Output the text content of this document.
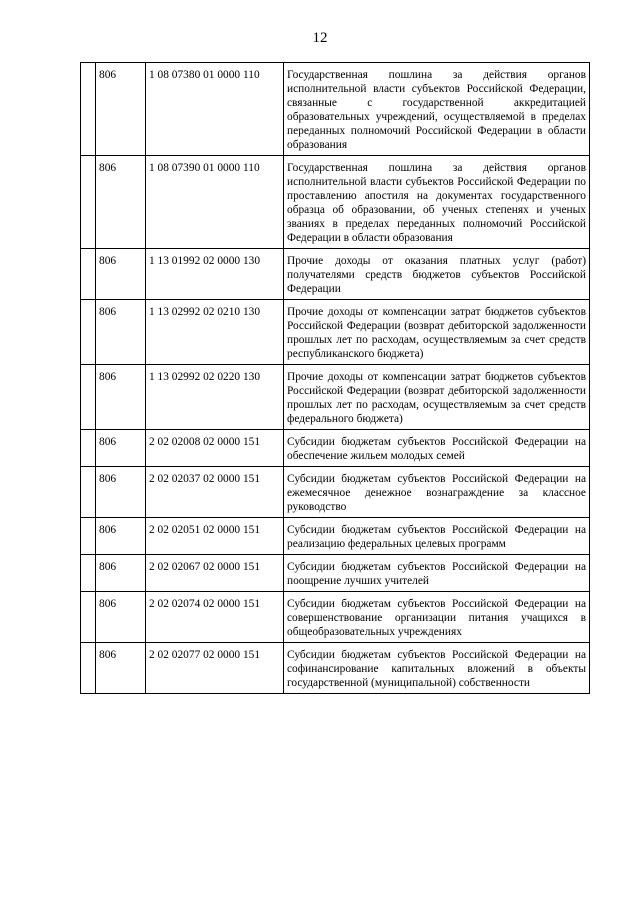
12
	806	1 08 07380 01 0000 110	Государственная пошлина за действия органов исполнительной власти субъектов Российской Федерации, связанные с государственной аккредитацией образовательных учреждений, осуществляемой в пределах переданных полномочий Российской Федерации в области образования
	806	1 08 07390 01 0000 110	Государственная пошлина за действия органов исполнительной власти субъектов Российской Федерации по проставлению апостиля на документах государственного образца об образовании, об ученых степенях и ученых званиях в пределах переданных полномочий Российской Федерации в области образования
	806	1 13 01992 02 0000 130	Прочие доходы от оказания платных услуг (работ) получателями средств бюджетов субъектов Российской Федерации
	806	1 13 02992 02 0210 130	Прочие доходы от компенсации затрат бюджетов субъектов Российской Федерации (возврат дебиторской задолженности прошлых лет по расходам, осуществляемым за счет средств республиканского бюджета)
	806	1 13 02992 02 0220 130	Прочие доходы от компенсации затрат бюджетов субъектов Российской Федерации (возврат дебиторской задолженности прошлых лет по расходам, осуществляемым за счет средств федерального бюджета)
	806	2 02 02008 02 0000 151	Субсидии бюджетам субъектов Российской Федерации на обеспечение жильем молодых семей
	806	2 02 02037 02 0000 151	Субсидии бюджетам субъектов Российской Федерации на ежемесячное денежное вознаграждение за классное руководство
	806	2 02 02051 02 0000 151	Субсидии бюджетам субъектов Российской Федерации на реализацию федеральных целевых программ
	806	2 02 02067 02 0000 151	Субсидии бюджетам субъектов Российской Федерации на поощрение лучших учителей
	806	2 02 02074 02 0000 151	Субсидии бюджетам субъектов Российской Федерации на совершенствование организации питания учащихся в общеобразовательных учреждениях
	806	2 02 02077 02 0000 151	Субсидии бюджетам субъектов Российской Федерации на софинансирование капитальных вложений в объекты государственной (муниципальной) собственности
